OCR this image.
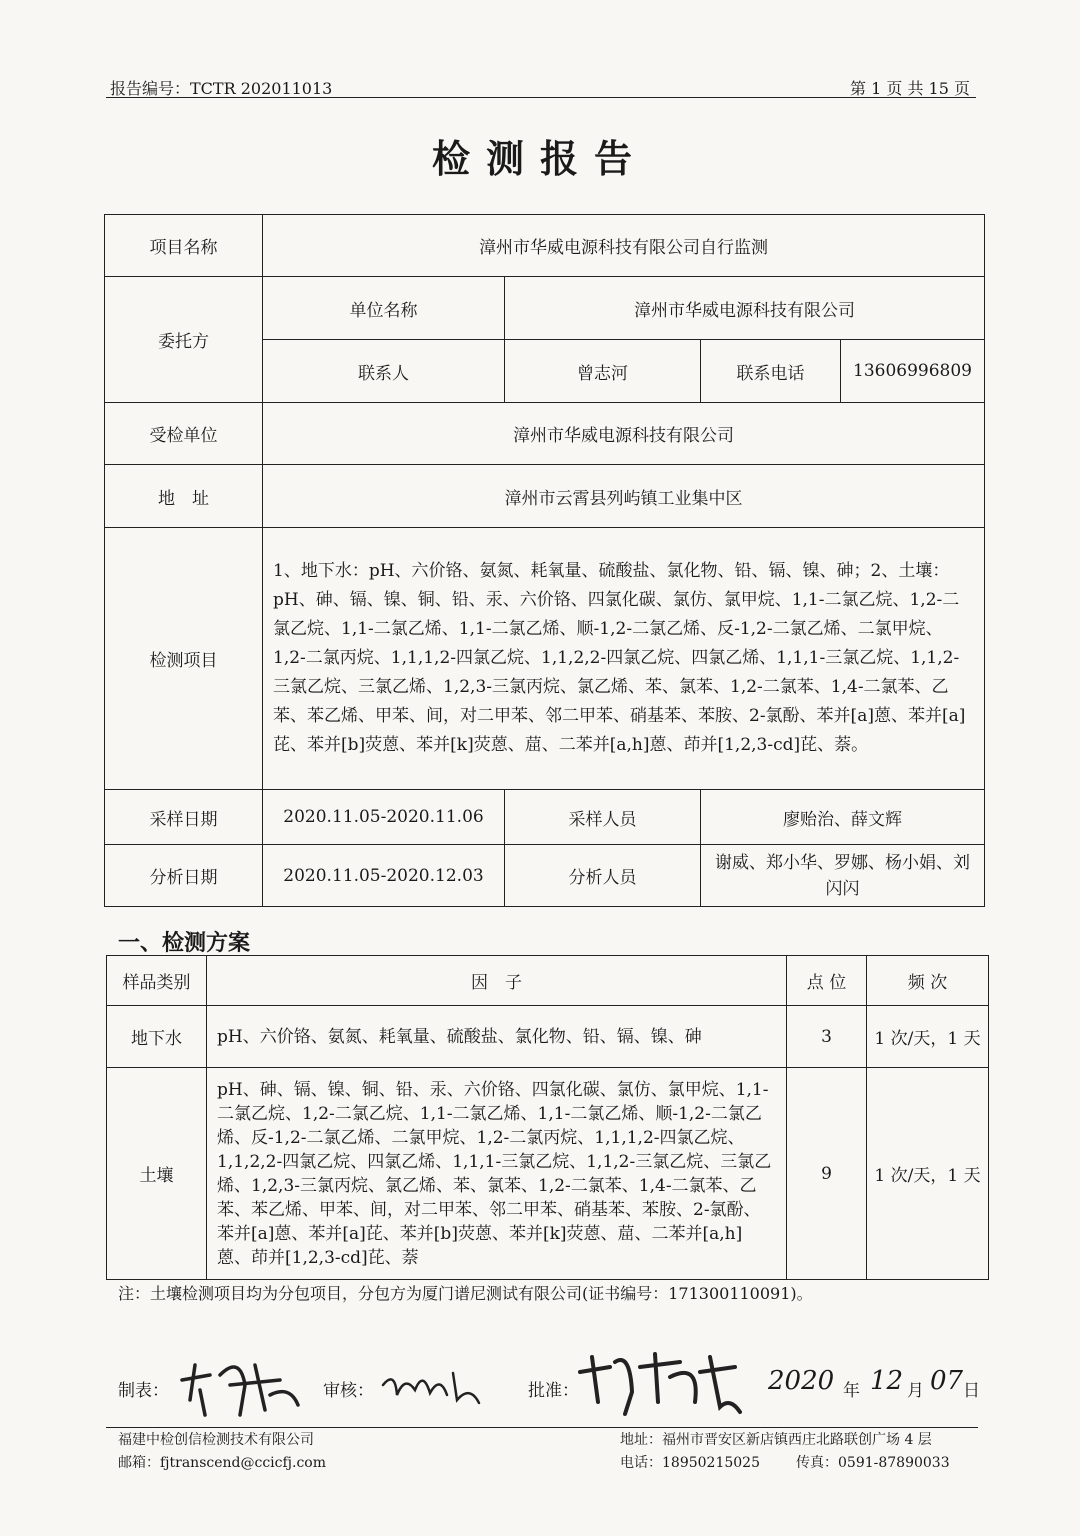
报告编号：TCTR 202011013	第 1 页 共 15 页
检测报告
项目名称	漳州市华威电源科技有限公司自行监测			
委托方	单位名称	漳州市华威电源科技有限公司		
	联系人	曾志河	联系电话	13606996809
受检单位	漳州市华威电源科技有限公司			
地　址	漳州市云霄县列屿镇工业集中区			
检测项目	1、地下水：pH、六价铬、氨氮、耗氧量、硫酸盐、氯化物、铅、镉、镍、砷；2、土壤：pH、砷、镉、镍、铜、铅、汞、六价铬、四氯化碳、氯仿、氯甲烷、1,1-二氯乙烷、1,2-二氯乙烷、1,1-二氯乙烯、1,1-二氯乙烯、顺-1,2-二氯乙烯、反-1,2-二氯乙烯、二氯甲烷、1,2-二氯丙烷、1,1,1,2-四氯乙烷、1,1,2,2-四氯乙烷、四氯乙烯、1,1,1-三氯乙烷、1,1,2-三氯乙烷、三氯乙烯、1,2,3-三氯丙烷、氯乙烯、苯、氯苯、1,2-二氯苯、1,4-二氯苯、乙苯、苯乙烯、甲苯、间，对二甲苯、邻二甲苯、硝基苯、苯胺、2-氯酚、苯并[a]蒽、苯并[a]芘、苯并[b]荧蒽、苯并[k]荧蒽、䓛、二苯并[a,h]蒽、茚并[1,2,3-cd]芘、萘。			
采样日期	2020.11.05-2020.11.06	采样人员	廖贻治、薛文辉	
分析日期	2020.11.05-2020.12.03	分析人员	谢威、郑小华、罗娜、杨小娟、刘闪闪	
一、检测方案
样品类别	因　子	点 位	频 次
地下水	pH、六价铬、氨氮、耗氧量、硫酸盐、氯化物、铅、镉、镍、砷	3	1 次/天，1 天
土壤	pH、砷、镉、镍、铜、铅、汞、六价铬、四氯化碳、氯仿、氯甲烷、1,1-二氯乙烷、1,2-二氯乙烷、1,1-二氯乙烯、1,1-二氯乙烯、顺-1,2-二氯乙烯、反-1,2-二氯乙烯、二氯甲烷、1,2-二氯丙烷、1,1,1,2-四氯乙烷、1,1,2,2-四氯乙烷、四氯乙烯、1,1,1-三氯乙烷、1,1,2-三氯乙烷、三氯乙烯、1,2,3-三氯丙烷、氯乙烯、苯、氯苯、1,2-二氯苯、1,4-二氯苯、乙苯、苯乙烯、甲苯、间，对二甲苯、邻二甲苯、硝基苯、苯胺、2-氯酚、苯并[a]蒽、苯并[a]芘、苯并[b]荧蒽、苯并[k]荧蒽、䓛、二苯并[a,h]蒽、茚并[1,2,3-cd]芘、萘	9	1 次/天，1 天
注：土壤检测项目均为分包项目，分包方为厦门谱尼测试有限公司(证书编号：171300110091)。
制表：	审核：	批准：	2020 年 12 月 07 日
福建中检创信检测技术有限公司	地址：福州市晋安区新店镇西庄北路联创广场 4 层
邮箱：fjtranscend@ccicfj.com	电话：18950215025	传真：0591-87890033
